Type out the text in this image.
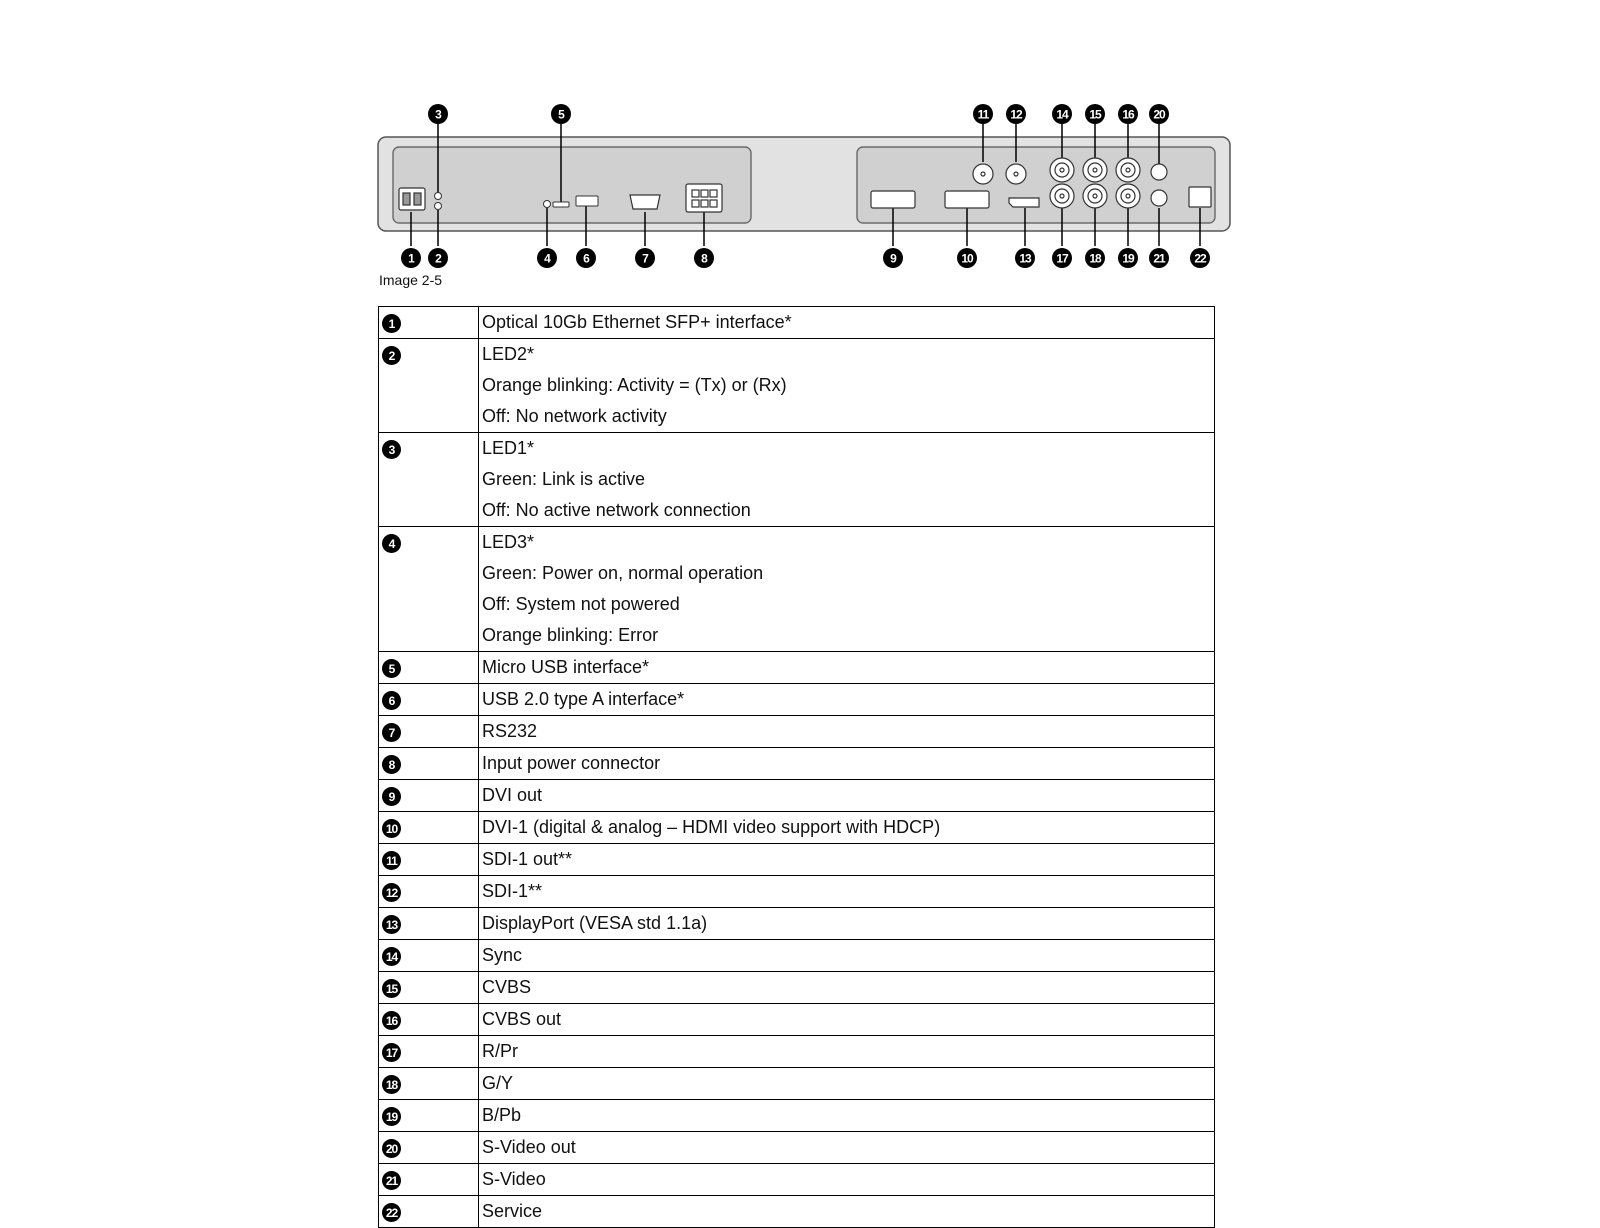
3	5	11 12	14 15 16 20
1 2	4	6	7	8	9	10	13 17 18 19 21 22
Image 2-5
1	Optical 10Gb Ethernet SFP+ interface*

2	LED2*
Orange blinking: Activity = (Tx) or (Rx)
Off: No network activity

3	LED1*
Green: Link is active
Off: No active network connection

4	LED3*
Green: Power on, normal operation
Off: System not powered
Orange blinking: Error

5	Micro USB interface*

6	USB 2.0 type A interface*

7	RS232

8	Input power connector

9	DVI out

10	DVI-1 (digital & analog – HDMI video support with HDCP)

11	SDI-1 out**

12	SDI-1**

13	DisplayPort (VESA std 1.1a)

14	Sync

15	CVBS

16	CVBS out

17	R/Pr

18	G/Y

19	B/Pb

20	S-Video out

21	S-Video

22	Service
